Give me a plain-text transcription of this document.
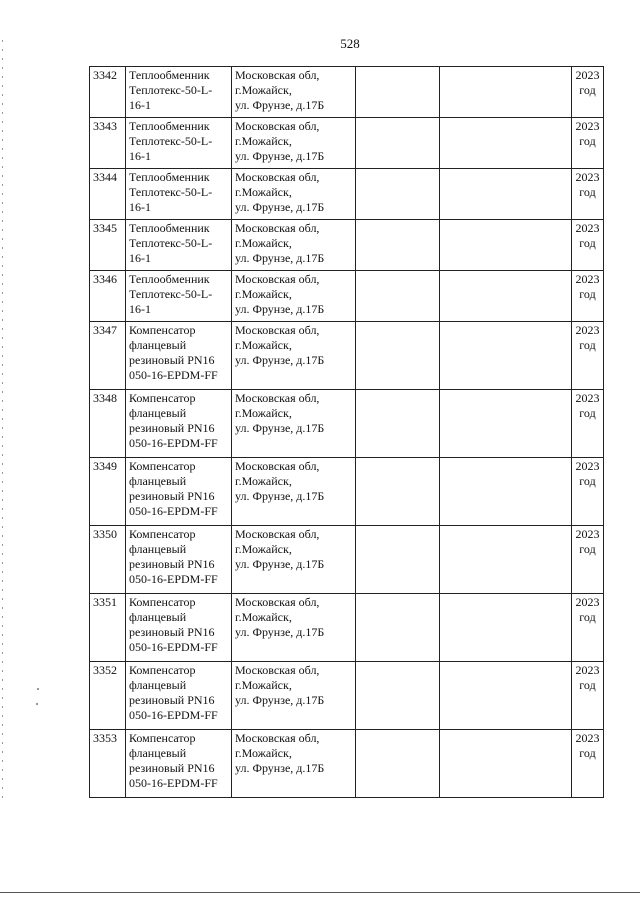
528
3342	Теплообменник
Теплотекс-50-L-
16-1	Московская обл,
г.Можайск,
ул. Фрунзе, д.17Б			2023
год
3343	Теплообменник
Теплотекс-50-L-
16-1	Московская обл,
г.Можайск,
ул. Фрунзе, д.17Б			2023
год
3344	Теплообменник
Теплотекс-50-L-
16-1	Московская обл,
г.Можайск,
ул. Фрунзе, д.17Б			2023
год
3345	Теплообменник
Теплотекс-50-L-
16-1	Московская обл,
г.Можайск,
ул. Фрунзе, д.17Б			2023
год
3346	Теплообменник
Теплотекс-50-L-
16-1	Московская обл,
г.Можайск,
ул. Фрунзе, д.17Б			2023
год
3347	Компенсатор
фланцевый
резиновый PN16
050-16-EPDM-FF	Московская обл,
г.Можайск,
ул. Фрунзе, д.17Б			2023
год
3348	Компенсатор
фланцевый
резиновый PN16
050-16-EPDM-FF	Московская обл,
г.Можайск,
ул. Фрунзе, д.17Б			2023
год
3349	Компенсатор
фланцевый
резиновый PN16
050-16-EPDM-FF	Московская обл,
г.Можайск,
ул. Фрунзе, д.17Б			2023
год
3350	Компенсатор
фланцевый
резиновый PN16
050-16-EPDM-FF	Московская обл,
г.Можайск,
ул. Фрунзе, д.17Б			2023
год
3351	Компенсатор
фланцевый
резиновый PN16
050-16-EPDM-FF	Московская обл,
г.Можайск,
ул. Фрунзе, д.17Б			2023
год
3352	Компенсатор
фланцевый
резиновый PN16
050-16-EPDM-FF	Московская обл,
г.Можайск,
ул. Фрунзе, д.17Б			2023
год
3353	Компенсатор
фланцевый
резиновый PN16
050-16-EPDM-FF	Московская обл,
г.Можайск,
ул. Фрунзе, д.17Б			2023
год
